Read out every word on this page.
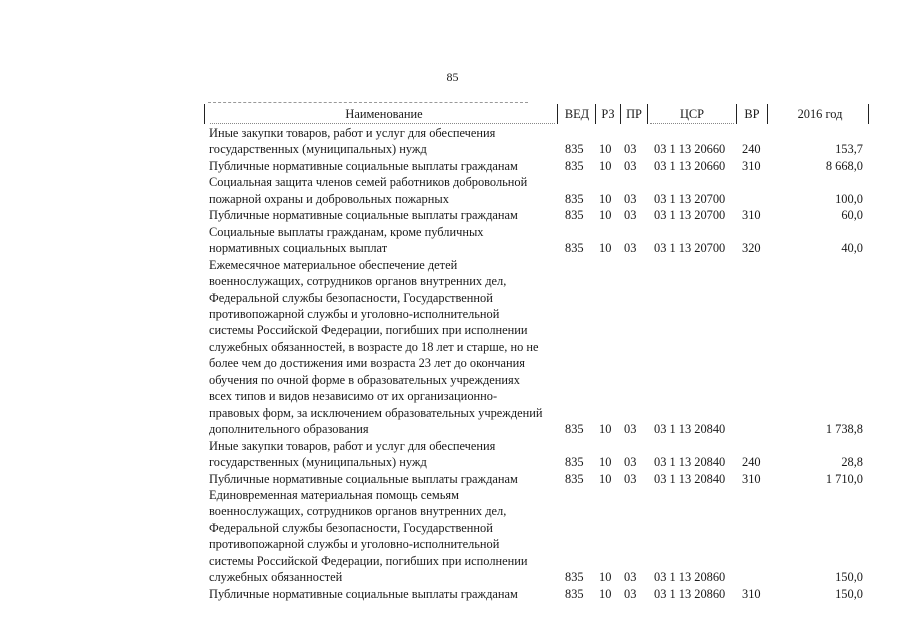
85
Наименование	ВЕД РЗ ПР	ЦСР	ВР	2016 год
Иные закупки товаров, работ и услуг для обеспечения
государственных (муниципальных) нужд	835 10 03 03 1 13 20660 240	153,7
Публичные нормативные социальные выплаты гражданам	835 10 03 03 1 13 20660 310	8 668,0
Социальная защита членов семей работников добровольной
пожарной охраны и добровольных пожарных	835 10 03 03 1 13 20700	100,0
Публичные нормативные социальные выплаты гражданам	835 10 03 03 1 13 20700 310	60,0
Социальные выплаты гражданам, кроме публичных
нормативных социальных выплат	835 10 03 03 1 13 20700 320	40,0
Ежемесячное материальное обеспечение детей
военнослужащих, сотрудников органов внутренних дел,
Федеральной службы безопасности, Государственной
противопожарной службы и уголовно-исполнительной
системы Российской Федерации, погибших при исполнении
служебных обязанностей, в возрасте до 18 лет и старше, но не
более чем до достижения ими возраста 23 лет до окончания
обучения по очной форме в образовательных учреждениях
всех типов и видов независимо от их организационно-
правовых форм, за исключением образовательных учреждений
дополнительного образования	835 10 03 03 1 13 20840	1 738,8
Иные закупки товаров, работ и услуг для обеспечения
государственных (муниципальных) нужд	835 10 03 03 1 13 20840 240	28,8
Публичные нормативные социальные выплаты гражданам	835 10 03 03 1 13 20840 310	1 710,0
Единовременная материальная помощь семьям
военнослужащих, сотрудников органов внутренних дел,
Федеральной службы безопасности, Государственной
противопожарной службы и уголовно-исполнительной
системы Российской Федерации, погибших при исполнении
служебных обязанностей	835 10 03 03 1 13 20860	150,0
Публичные нормативные социальные выплаты гражданам	835 10 03 03 1 13 20860 310	150,0
